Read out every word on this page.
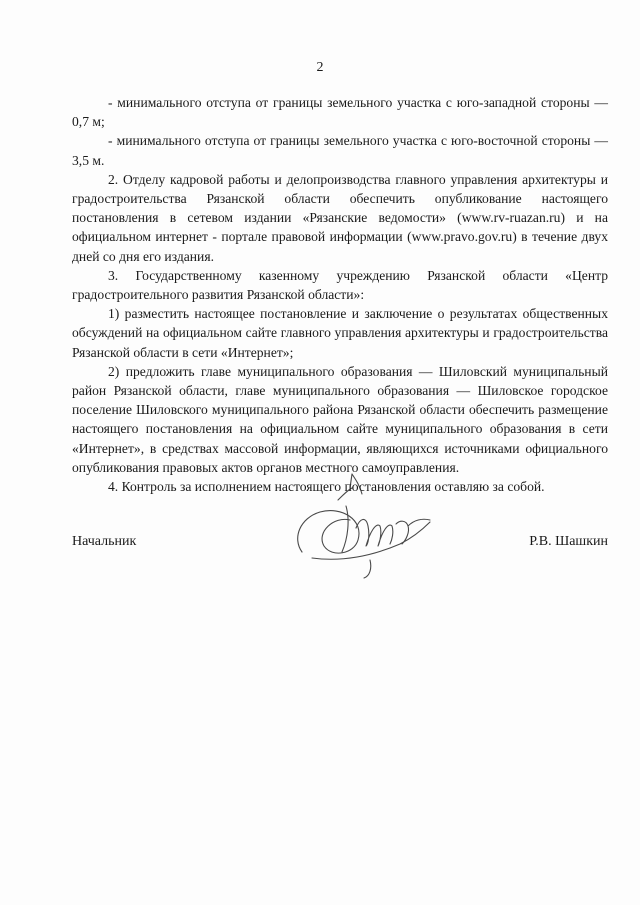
2

- минимального отступа от границы земельного участка с юго-западной стороны — 0,7 м;

- минимального отступа от границы земельного участка с юго-восточной стороны — 3,5 м.

2. Отделу кадровой работы и делопроизводства главного управления архитектуры и градостроительства Рязанской области обеспечить опубликование настоящего постановления в сетевом издании «Рязанские ведомости» (www.rv-ruazan.ru) и на официальном интернет - портале правовой информации (www.pravo.gov.ru) в течение двух дней со дня его издания.

3. Государственному казенному учреждению Рязанской области «Центр градостроительного развития Рязанской области»:

1) разместить настоящее постановление и заключение о результатах общественных обсуждений на официальном сайте главного управления архитектуры и градостроительства Рязанской области в сети «Интернет»;

2) предложить главе муниципального образования — Шиловский муниципальный район Рязанской области, главе муниципального образования — Шиловское городское поселение Шиловского муниципального района Рязанской области обеспечить размещение настоящего постановления на официальном сайте муниципального образования в сети «Интернет», в средствах массовой информации, являющихся источниками официального опубликования правовых актов органов местного самоуправления.

4. Контроль за исполнением настоящего постановления оставляю за собой.

Начальник	Р.В. Шашкин
